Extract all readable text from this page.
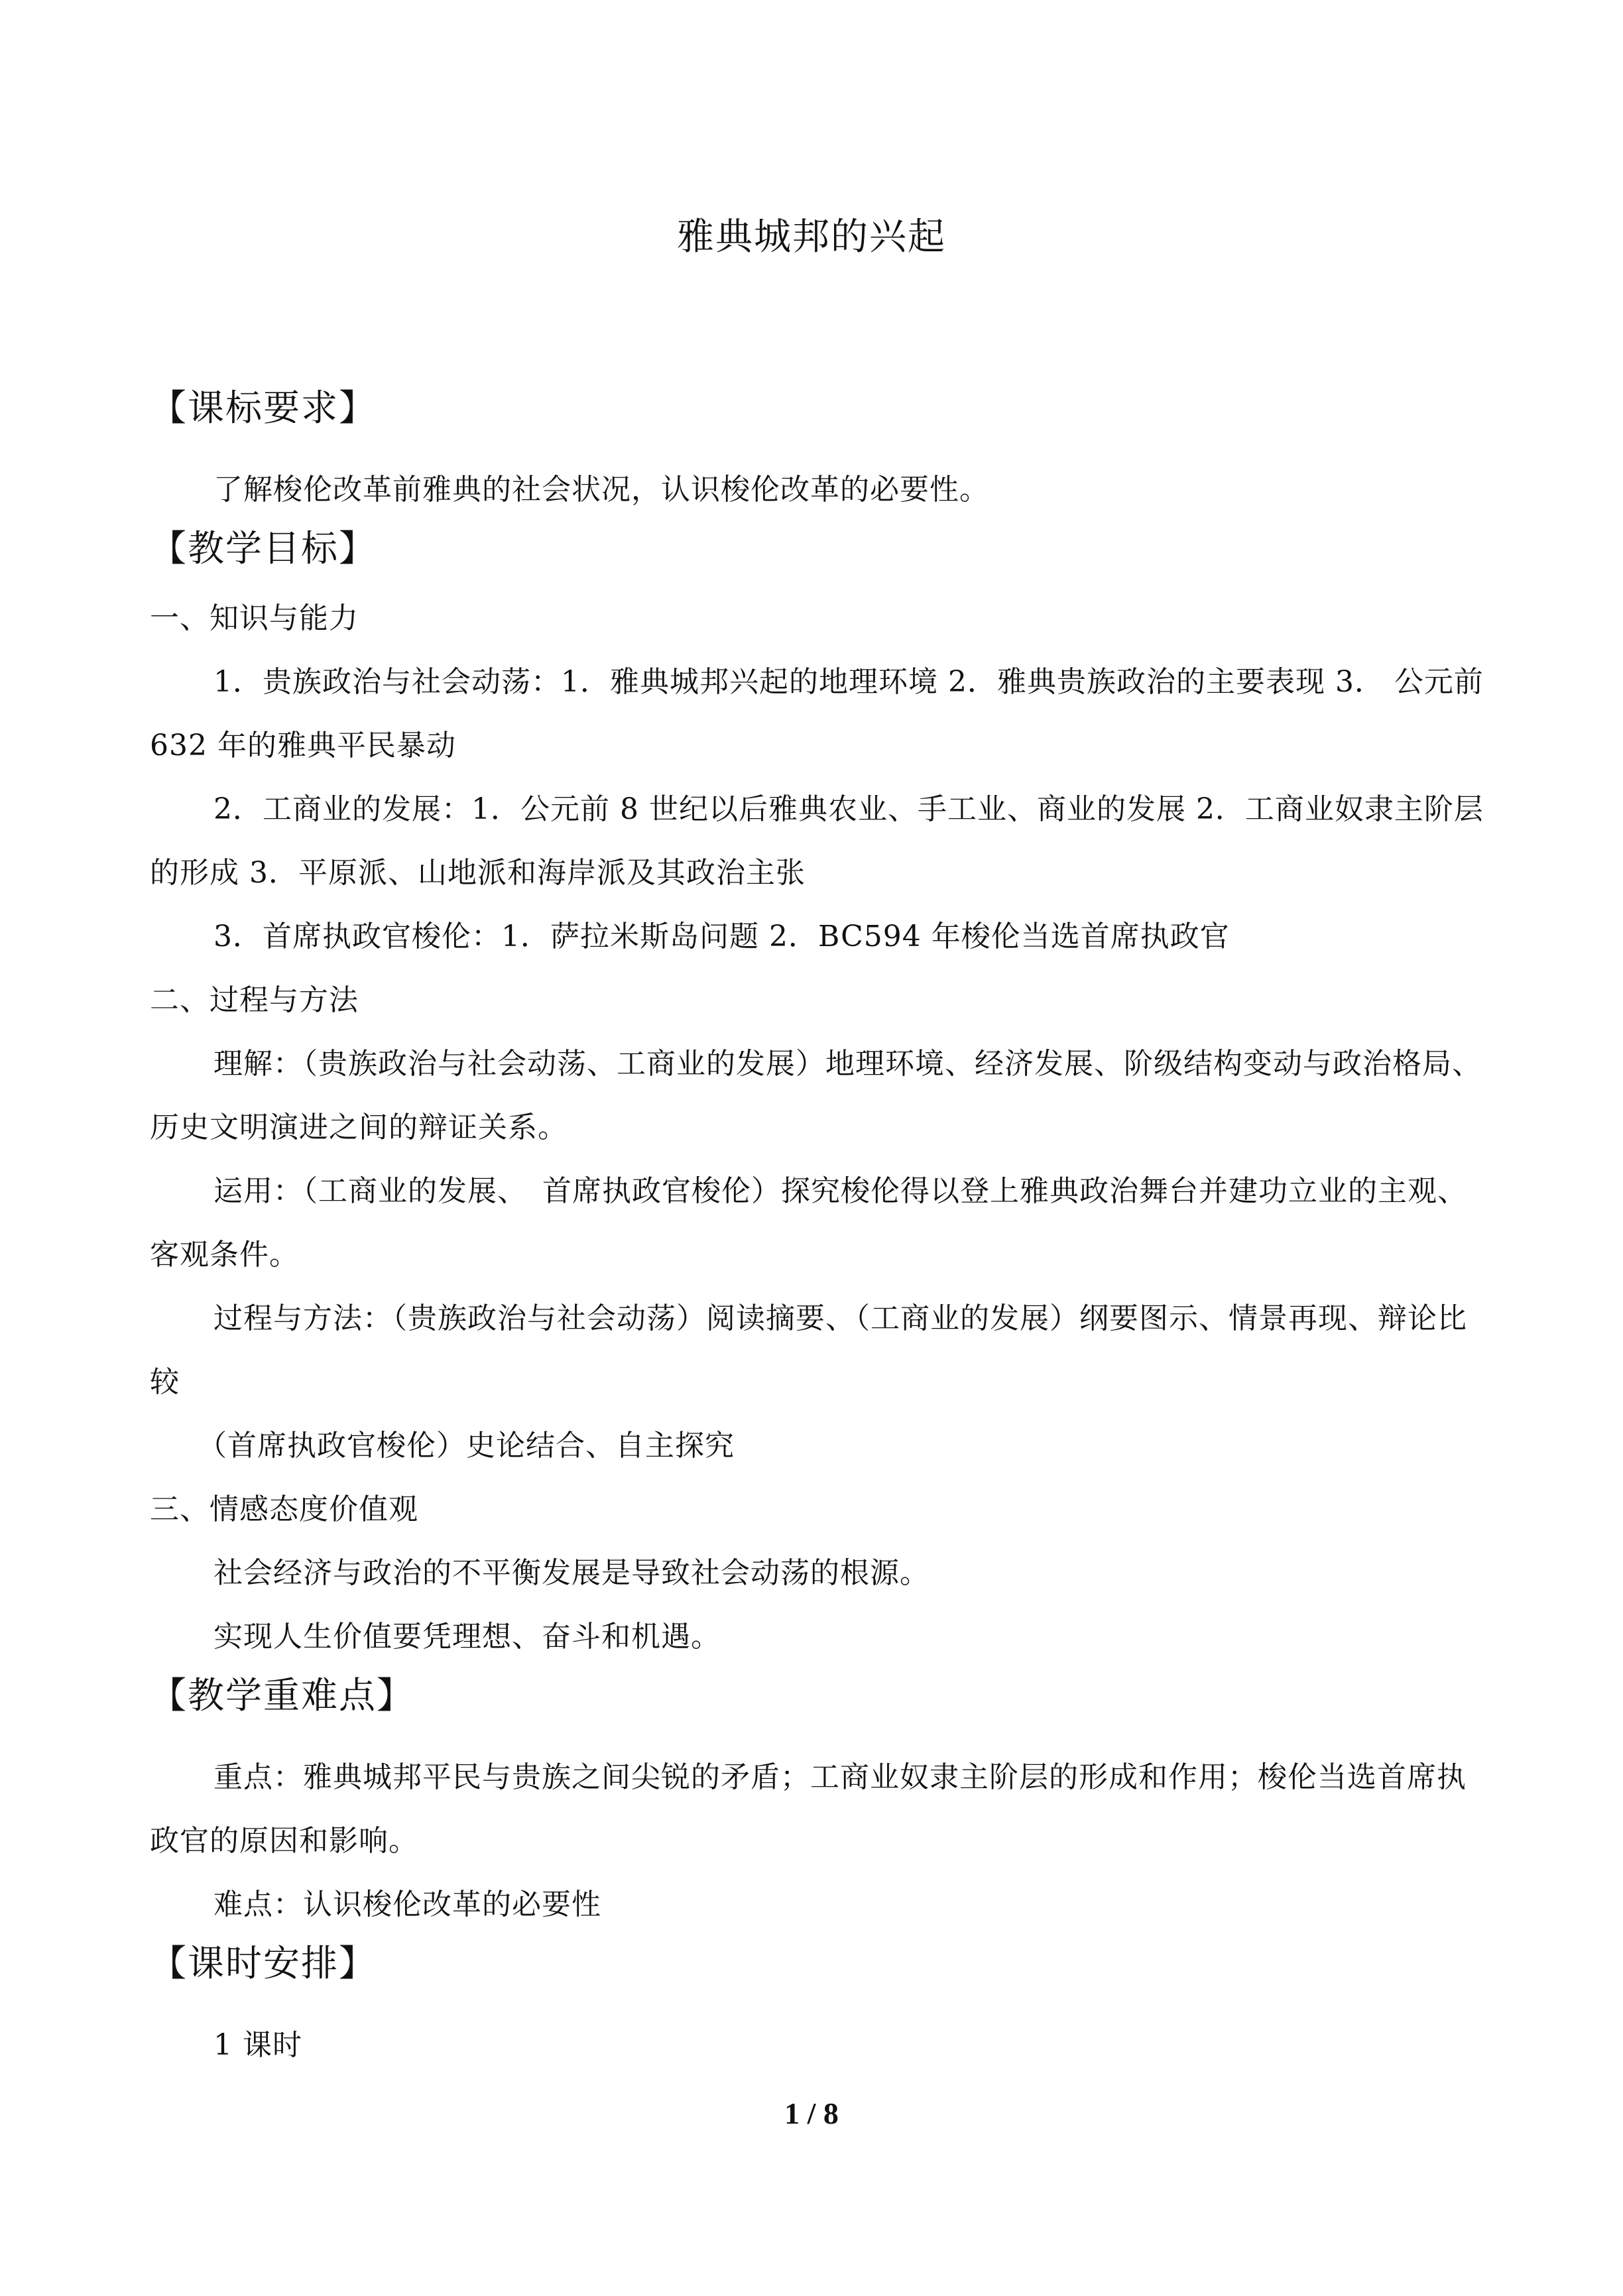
雅典城邦的兴起

【课标要求】

了解梭伦改革前雅典的社会状况，认识梭伦改革的必要性。

【教学目标】

一、知识与能力

1．贵族政治与社会动荡：1．雅典城邦兴起的地理环境 2．雅典贵族政治的主要表现 3． 公元前 632 年的雅典平民暴动

2．工商业的发展：1．公元前 8 世纪以后雅典农业、手工业、商业的发展 2．工商业奴隶主阶层的形成 3．平原派、山地派和海岸派及其政治主张

3．首席执政官梭伦：1．萨拉米斯岛问题 2．BC594 年梭伦当选首席执政官

二、过程与方法

理解：（贵族政治与社会动荡、工商业的发展）地理环境、经济发展、阶级结构变动与政治格局、历史文明演进之间的辩证关系。

运用：（工商业的发展、　首席执政官梭伦）探究梭伦得以登上雅典政治舞台并建功立业的主观、客观条件。

过程与方法：（贵族政治与社会动荡）阅读摘要、（工商业的发展）纲要图示、情景再现、辩论比较

（首席执政官梭伦）史论结合、自主探究

三、情感态度价值观

社会经济与政治的不平衡发展是导致社会动荡的根源。

实现人生价值要凭理想、奋斗和机遇。

【教学重难点】

重点：雅典城邦平民与贵族之间尖锐的矛盾；工商业奴隶主阶层的形成和作用；梭伦当选首席执政官的原因和影响。

难点：认识梭伦改革的必要性

【课时安排】

1 课时

1 / 8
